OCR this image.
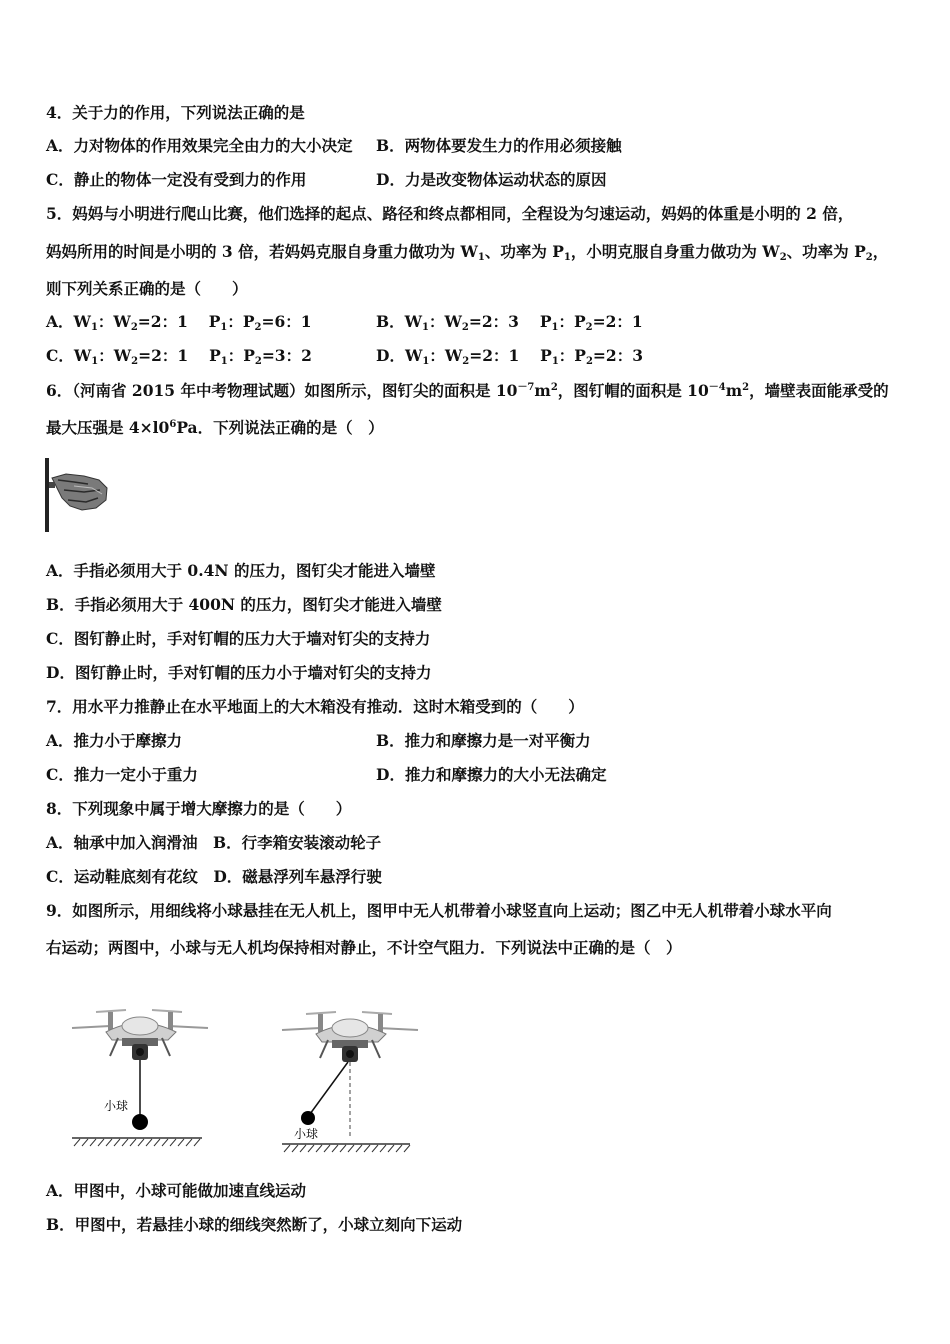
4．关于力的作用，下列说法正确的是
A．力对物体的作用效果完全由力的大小决定 B．两物体要发生力的作用必须接触
C．静止的物体一定没有受到力的作用	D．力是改变物体运动状态的原因
5．妈妈与小明进行爬山比赛，他们选择的起点、路径和终点都相同，全程设为匀速运动，妈妈的体重是小明的 2 倍，
妈妈所用的时间是小明的 3 倍，若妈妈克服自身重力做功为 $W_1$、功率为 $P_1$，小明克服自身重力做功为 $W_2$、功率为 $P_2$，
则下列关系正确的是（　　）
A．$W_1$：$W_2=2$：1　 $P_1$：$P_2=6$：1	B．$W_1$：$W_2=2$：3　 $P_1$：$P_2=2$：1
C．$W_1$：$W_2=2$：1　 $P_1$：$P_2=3$：2	D．$W_1$：$W_2=2$：1　 $P_1$：$P_2=2$：3
6．（河南省 2015 年中考物理试题）如图所示，图钉尖的面积是 $10^{-7}m^2$，图钉帽的面积是 $10^{-4}m^2$，墙壁表面能承受的
最大压强是 $4\times l0^6Pa$．下列说法正确的是（　）
A．手指必须用大于 0.4N 的压力，图钉尖才能进入墙壁
B．手指必须用大于 400N 的压力，图钉尖才能进入墙壁
C．图钉静止时，手对钉帽的压力大于墙对钉尖的支持力
D．图钉静止时，手对钉帽的压力小于墙对钉尖的支持力
7．用水平力推静止在水平地面上的大木箱没有推动．这时木箱受到的（　　）
A．推力小于摩擦力	B．推力和摩擦力是一对平衡力
C．推力一定小于重力	D．推力和摩擦力的大小无法确定
8．下列现象中属于增大摩擦力的是（　　）
A．轴承中加入润滑油　B．行李箱安装滚动轮子
C．运动鞋底刻有花纹　D．磁悬浮列车悬浮行驶
9．如图所示，用细线将小球悬挂在无人机上，图甲中无人机带着小球竖直向上运动；图乙中无人机带着小球水平向
右运动；两图中，小球与无人机均保持相对静止，不计空气阻力．下列说法中正确的是（　）
小球
小球
A．甲图中，小球可能做加速直线运动
B．甲图中，若悬挂小球的细线突然断了，小球立刻向下运动
